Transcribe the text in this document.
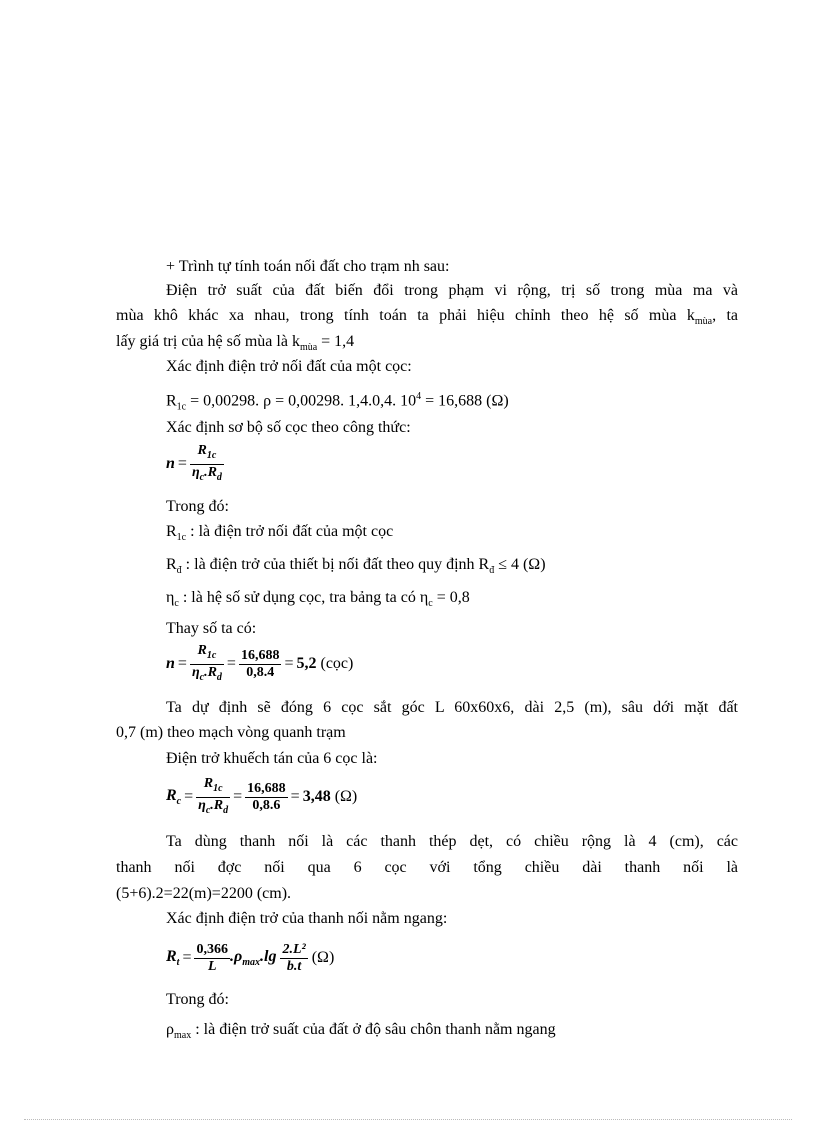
+ Trình tự tính toán nối đất cho trạm nh sau:
Điện trở suất của đất biến đổi trong phạm vi rộng, trị số trong mùa ma và
mùa khô khác xa nhau, trong tính toán ta phải hiệu chỉnh theo hệ số mùa $k_{mùa}$, ta
lấy giá trị của hệ số mùa là $k_{mùa} = 1,4$
Xác định điện trở nối đất của một cọc:
$R_{1c} = 0,00298$. ρ = 0,00298. 1,4.0,4. $10^4 = 16,688$ (Ω)
Xác định sơ bộ số cọc theo công thức:
$n = \frac{R_{1c}}{\eta_c.R_d}$
Trong đó:
$R_{1c}$ : là điện trở nối đất của một cọc
$R_đ$ : là điện trở của thiết bị nối đất theo quy định $R_đ \le 4$ (Ω)
$\eta_c$ : là hệ số sử dụng cọc, tra bảng ta có $\eta_c = 0,8$
Thay số ta có:
$n = \frac{R_{1c}}{\eta_c.R_d} = \frac{16,688}{0,8.4} = 5,2$ (cọc)
Ta dự định sẽ đóng 6 cọc sắt góc L 60x60x6, dài 2,5 (m), sâu dới mặt đất
0,7 (m) theo mạch vòng quanh trạm
Điện trở khuếch tán của 6 cọc là:
$R_c = \frac{R_{1c}}{\eta_c.R_d} = \frac{16,688}{0,8.6} = 3,48$ (Ω)
Ta dùng thanh nối là các thanh thép dẹt, có chiều rộng là 4 (cm), các
thanh nối đợc nối qua 6 cọc với tổng chiều dài thanh nối là
(5+6).2=22(m)=2200 (cm).
Xác định điện trở của thanh nối nằm ngang:
$R_t = \frac{0,366}{L} .\rho_{max}.\lg \frac{\text{2.L²}}{b.t} (\Omega)$
Trong đó:
$\rho_{max}$ : là điện trở suất của đất ở độ sâu chôn thanh nằm ngang
